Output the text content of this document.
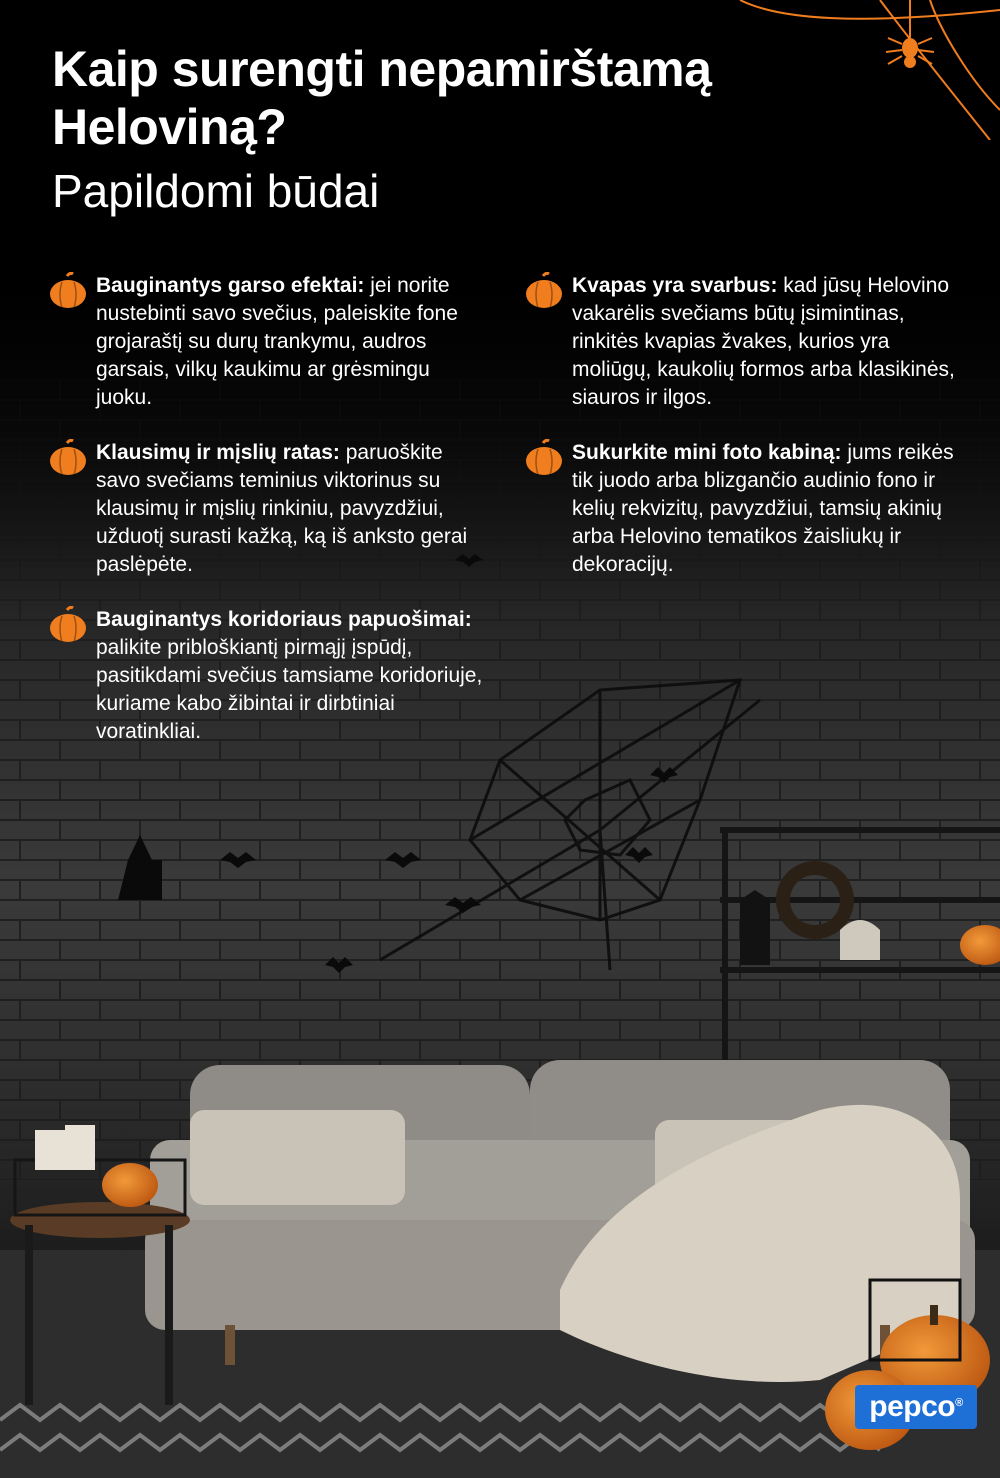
Kaip surengti nepamirštamą Heloviną?
Papildomi būdai
Bauginantys garso efektai: jei norite nustebinti savo svečius, paleiskite fone grojaraštį su durų trankymu, audros garsais, vilkų kaukimu ar grėsmingu juoku.
Klausimų ir mįslių ratas: paruoškite savo svečiams teminius viktorinus su klausimų ir mįslių rinkiniu, pavyzdžiui, užduotį surasti kažką, ką iš anksto gerai paslėpėte.
Bauginantys koridoriaus papuošimai: palikite pribloškiantį pirmąjį įspūdį, pasitikdami svečius tamsiame koridoriuje, kuriame kabo žibintai ir dirbtiniai voratinkliai.
Kvapas yra svarbus: kad jūsų Helovino vakarėlis svečiams būtų įsimintinas, rinkitės kvapias žvakes, kurios yra moliūgų, kaukolių formos arba klasikinės, siauros ir ilgos.
Sukurkite mini foto kabiną: jums reikės tik juodo arba blizgančio audinio fono ir kelių rekvizitų, pavyzdžiui, tamsių akinių arba Helovino tematikos žaisliukų ir dekoracijų.
pepco®
